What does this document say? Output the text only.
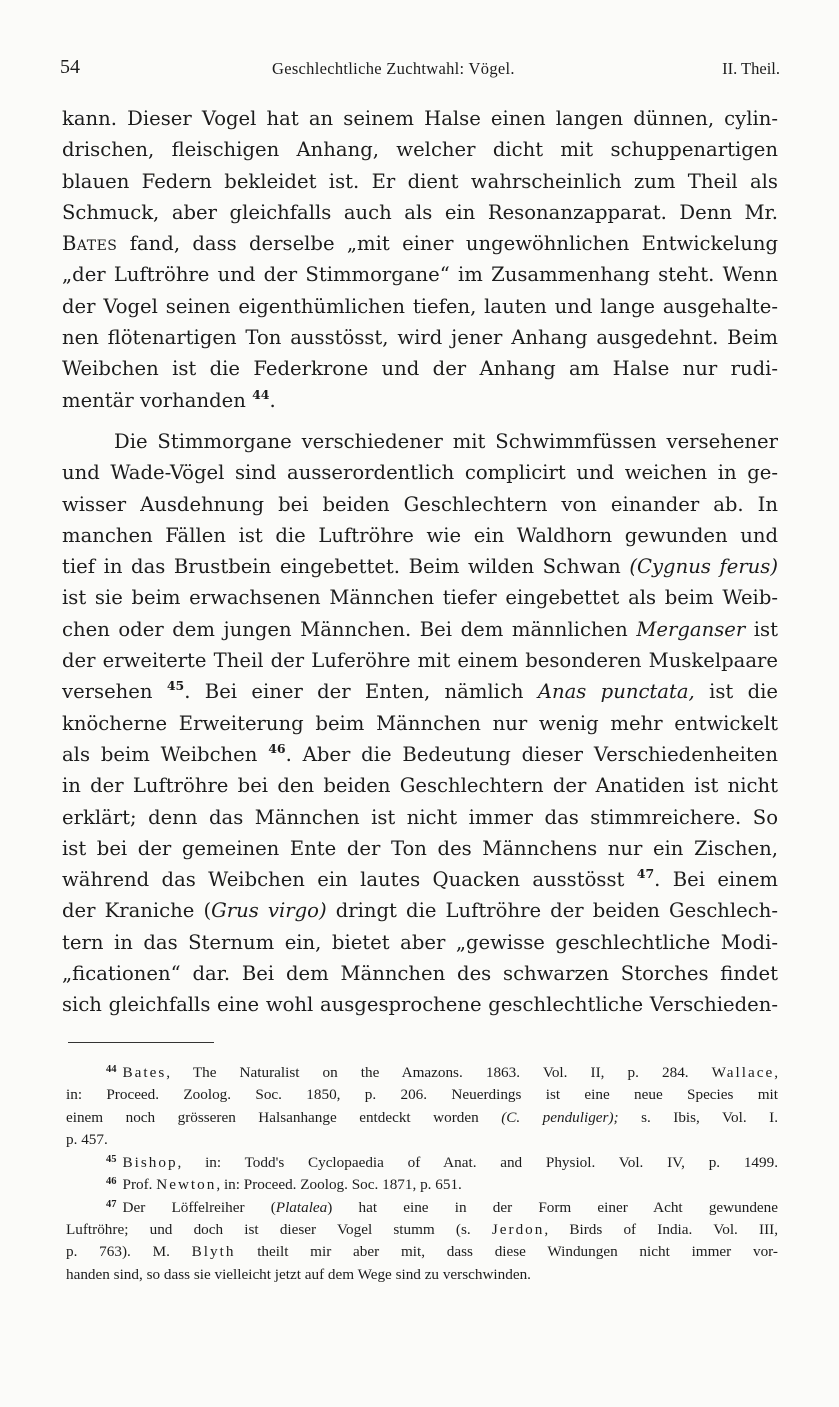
54	Geschlechtliche Zuchtwahl: Vögel.	II. Theil.
kann. Dieser Vogel hat an seinem Halse einen langen dünnen, cylin-
drischen, fleischigen Anhang, welcher dicht mit schuppenartigen
blauen Federn bekleidet ist. Er dient wahrscheinlich zum Theil als
Schmuck, aber gleichfalls auch als ein Resonanzapparat. Denn Mr.
Bates fand, dass derselbe „mit einer ungewöhnlichen Entwickelung
„der Luftröhre und der Stimmorgane“ im Zusammenhang steht. Wenn
der Vogel seinen eigenthümlichen tiefen, lauten und lange ausgehalte-
nen flötenartigen Ton ausstösst, wird jener Anhang ausgedehnt. Beim
Weibchen ist die Federkrone und der Anhang am Halse nur rudi-
mentär vorhanden $^{44}$.
Die Stimmorgane verschiedener mit Schwimmfüssen versehener
und Wade-Vögel sind ausserordentlich complicirt und weichen in ge-
wisser Ausdehnung bei beiden Geschlechtern von einander ab. In
manchen Fällen ist die Luftröhre wie ein Waldhorn gewunden und
tief in das Brustbein eingebettet. Beim wilden Schwan (Cygnus ferus)
ist sie beim erwachsenen Männchen tiefer eingebettet als beim Weib-
chen oder dem jungen Männchen. Bei dem männlichen Merganser ist
der erweiterte Theil der Luferöhre mit einem besonderen Muskelpaare
versehen $^{45}$. Bei einer der Enten, nämlich Anas punctata, ist die
knöcherne Erweiterung beim Männchen nur wenig mehr entwickelt
als beim Weibchen $^{46}$. Aber die Bedeutung dieser Verschiedenheiten
in der Luftröhre bei den beiden Geschlechtern der Anatiden ist nicht
erklärt; denn das Männchen ist nicht immer das stimmreichere. So
ist bei der gemeinen Ente der Ton des Männchens nur ein Zischen,
während das Weibchen ein lautes Quacken ausstösst $^{47}$. Bei einem
der Kraniche (Grus virgo) dringt die Luftröhre der beiden Geschlech-
tern in das Sternum ein, bietet aber „gewisse geschlechtliche Modi-
„ficationen“ dar. Bei dem Männchen des schwarzen Storches findet
sich gleichfalls eine wohl ausgesprochene geschlechtliche Verschieden-
$^{44}$ Bates, The Naturalist on the Amazons. 1863. Vol. II, p. 284. Wallace,
in: Proceed. Zoolog. Soc. 1850, p. 206. Neuerdings ist eine neue Species mit
einem noch grösseren Halsanhange entdeckt worden (C. penduliger); s. Ibis, Vol. I.
p. 457.
$^{45}$ Bishop, in: Todd's Cyclopaedia of Anat. and Physiol. Vol. IV, p. 1499.
$^{46}$ Prof. Newton, in: Proceed. Zoolog. Soc. 1871, p. 651.
$^{47}$ Der Löffelreiher (Platalea) hat eine in der Form einer Acht gewundene
Luftröhre; und doch ist dieser Vogel stumm (s. Jerdon, Birds of India. Vol. III,
p. 763). M. Blyth theilt mir aber mit, dass diese Windungen nicht immer vor-
handen sind, so dass sie vielleicht jetzt auf dem Wege sind zu verschwinden.
